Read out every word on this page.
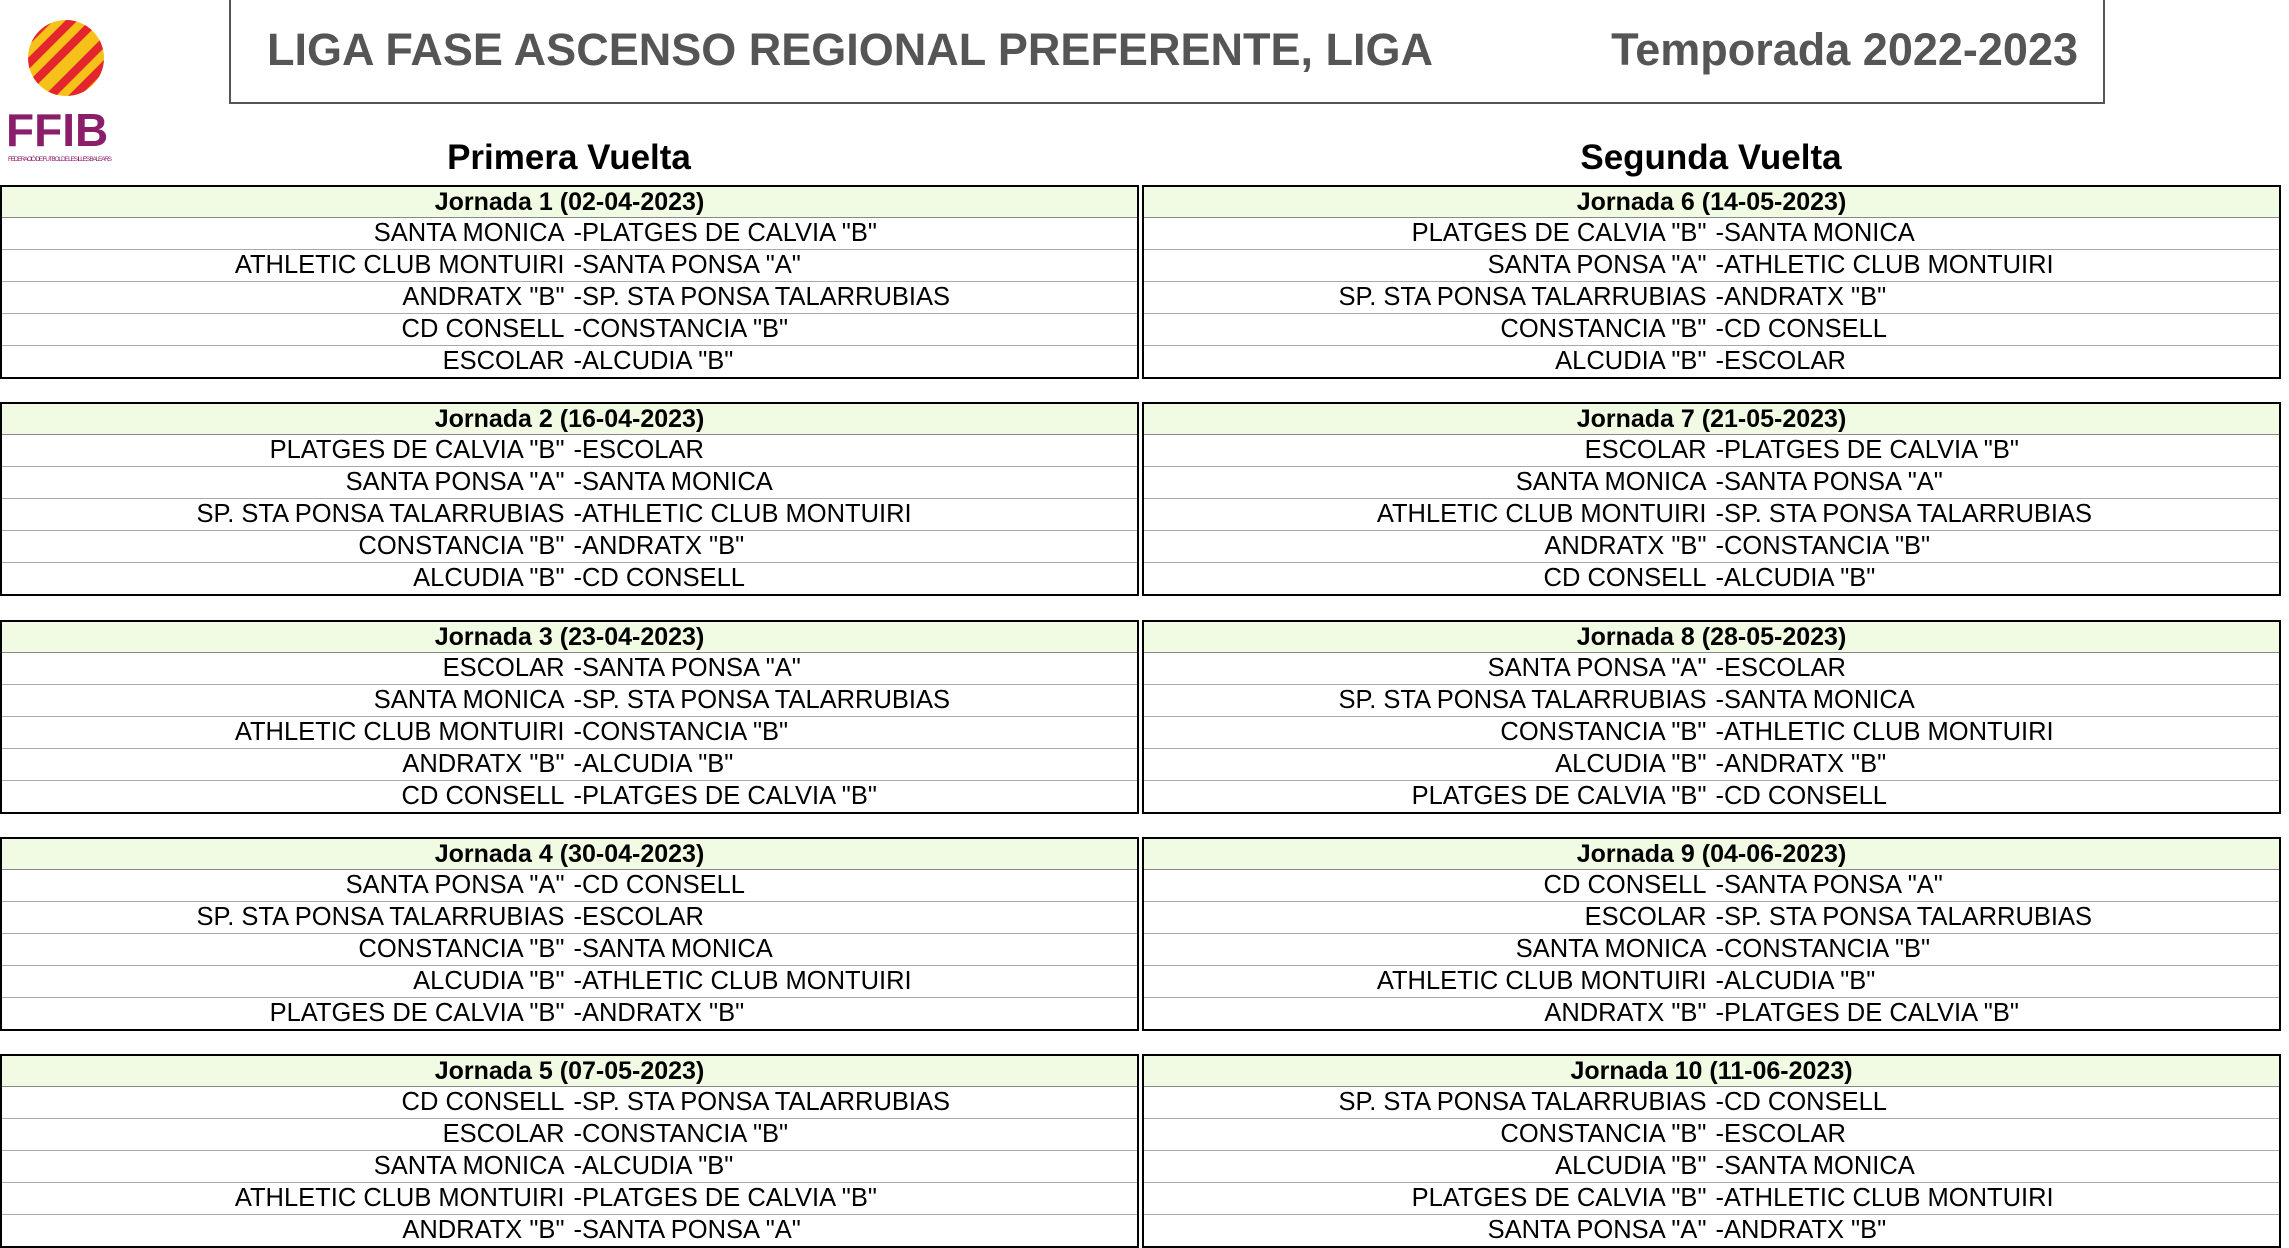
FFIB
FEDERACIÓ DE FUTBOL DE LES ILLES BALEARS
LIGA FASE ASCENSO REGIONAL PREFERENTE, LIGA	Temporada 2022-2023
Primera Vuelta	Segunda Vuelta
Jornada 1 (02-04-2023)
SANTA MONICA -PLATGES DE CALVIA "B"
ATHLETIC CLUB MONTUIRI -SANTA PONSA "A"
ANDRATX "B" -SP. STA PONSA TALARRUBIAS
CD CONSELL -CONSTANCIA "B"
ESCOLAR -ALCUDIA "B"
Jornada 2 (16-04-2023)
PLATGES DE CALVIA "B" -ESCOLAR
SANTA PONSA "A" -SANTA MONICA
SP. STA PONSA TALARRUBIAS -ATHLETIC CLUB MONTUIRI
CONSTANCIA "B" -ANDRATX "B"
ALCUDIA "B" -CD CONSELL
Jornada 3 (23-04-2023)
ESCOLAR -SANTA PONSA "A"
SANTA MONICA -SP. STA PONSA TALARRUBIAS
ATHLETIC CLUB MONTUIRI -CONSTANCIA "B"
ANDRATX "B" -ALCUDIA "B"
CD CONSELL -PLATGES DE CALVIA "B"
Jornada 4 (30-04-2023)
SANTA PONSA "A" -CD CONSELL
SP. STA PONSA TALARRUBIAS -ESCOLAR
CONSTANCIA "B" -SANTA MONICA
ALCUDIA "B" -ATHLETIC CLUB MONTUIRI
PLATGES DE CALVIA "B" -ANDRATX "B"
Jornada 5 (07-05-2023)
CD CONSELL -SP. STA PONSA TALARRUBIAS
ESCOLAR -CONSTANCIA "B"
SANTA MONICA -ALCUDIA "B"
ATHLETIC CLUB MONTUIRI -PLATGES DE CALVIA "B"
ANDRATX "B" -SANTA PONSA "A"
Jornada 6 (14-05-2023)
PLATGES DE CALVIA "B" -SANTA MONICA
SANTA PONSA "A" -ATHLETIC CLUB MONTUIRI
SP. STA PONSA TALARRUBIAS -ANDRATX "B"
CONSTANCIA "B" -CD CONSELL
ALCUDIA "B" -ESCOLAR
Jornada 7 (21-05-2023)
ESCOLAR -PLATGES DE CALVIA "B"
SANTA MONICA -SANTA PONSA "A"
ATHLETIC CLUB MONTUIRI -SP. STA PONSA TALARRUBIAS
ANDRATX "B" -CONSTANCIA "B"
CD CONSELL -ALCUDIA "B"
Jornada 8 (28-05-2023)
SANTA PONSA "A" -ESCOLAR
SP. STA PONSA TALARRUBIAS -SANTA MONICA
CONSTANCIA "B" -ATHLETIC CLUB MONTUIRI
ALCUDIA "B" -ANDRATX "B"
PLATGES DE CALVIA "B" -CD CONSELL
Jornada 9 (04-06-2023)
CD CONSELL -SANTA PONSA "A"
ESCOLAR -SP. STA PONSA TALARRUBIAS
SANTA MONICA -CONSTANCIA "B"
ATHLETIC CLUB MONTUIRI -ALCUDIA "B"
ANDRATX "B" -PLATGES DE CALVIA "B"
Jornada 10 (11-06-2023)
SP. STA PONSA TALARRUBIAS -CD CONSELL
CONSTANCIA "B" -ESCOLAR
ALCUDIA "B" -SANTA MONICA
PLATGES DE CALVIA "B" -ATHLETIC CLUB MONTUIRI
SANTA PONSA "A" -ANDRATX "B"
